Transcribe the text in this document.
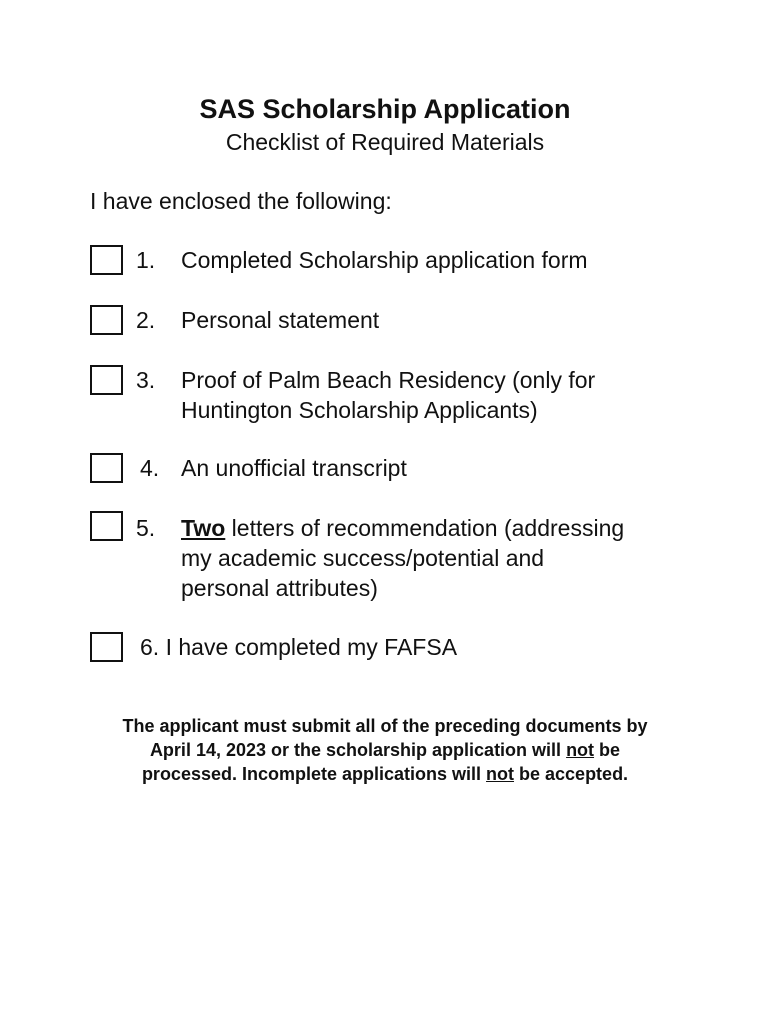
SAS Scholarship Application
Checklist of Required Materials
I have enclosed the following:
1. Completed Scholarship application form
2. Personal statement
3. Proof of Palm Beach Residency (only for
Huntington Scholarship Applicants)
4. An unofficial transcript
5. Two letters of recommendation (addressing
my academic success/potential and
personal attributes)
6. I have completed my FAFSA
The applicant must submit all of the preceding documents by
April 14, 2023 or the scholarship application will not be
processed. Incomplete applications will not be accepted.
